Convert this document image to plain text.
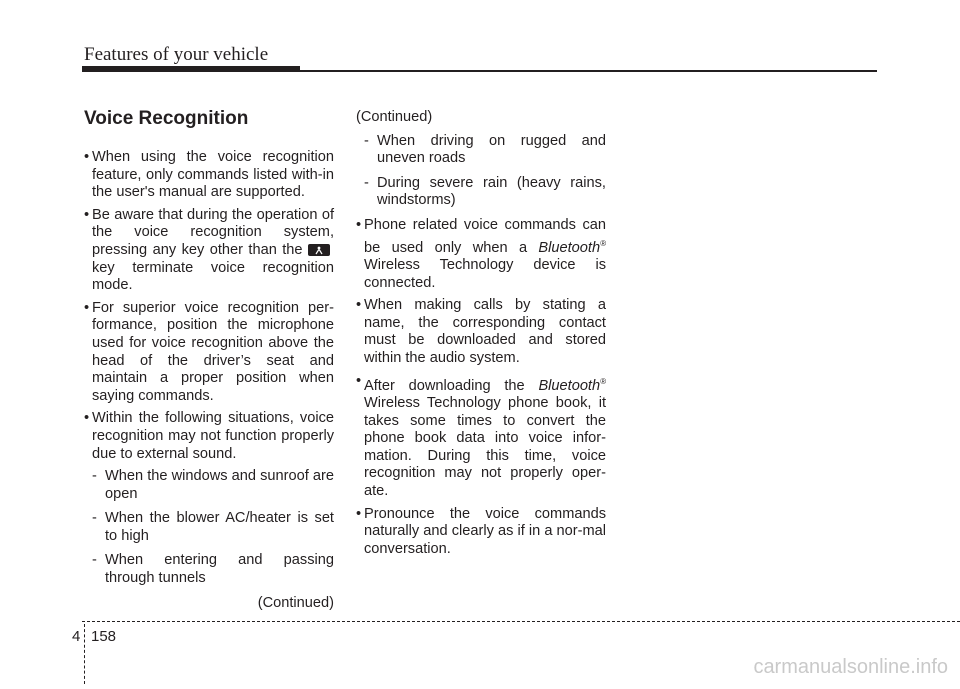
Features of your vehicle
Voice Recognition
• When using the voice recognition feature, only commands listed with-in the user's manual are supported.
• Be aware that during the operation of the voice recognition system, pressing any key other than the
key terminate voice recognition mode.
• For superior voice recognition per-formance, position the microphone used for voice recognition above the head of the driver’s seat and maintain a proper position when saying commands.
• Within the following situations, voice recognition may not function properly due to external sound.
- When the windows and sunroof are open
- When the blower AC/heater is set to high
- When entering and passing through tunnels
(Continued)
(Continued)
- When driving on rugged and uneven roads
- During severe rain (heavy rains, windstorms)
• Phone related voice commands can be used only when a Bluetooth® Wireless Technology device is connected.
• When making calls by stating a name, the corresponding contact must be downloaded and stored within the audio system.
• After downloading the Bluetooth® Wireless Technology phone book, it takes some times to convert the phone book data into voice infor-mation. During this time, voice recognition may not properly oper-ate.
• Pronounce the voice commands naturally and clearly as if in a nor-mal conversation.
4 158
carmanualsonline.info
